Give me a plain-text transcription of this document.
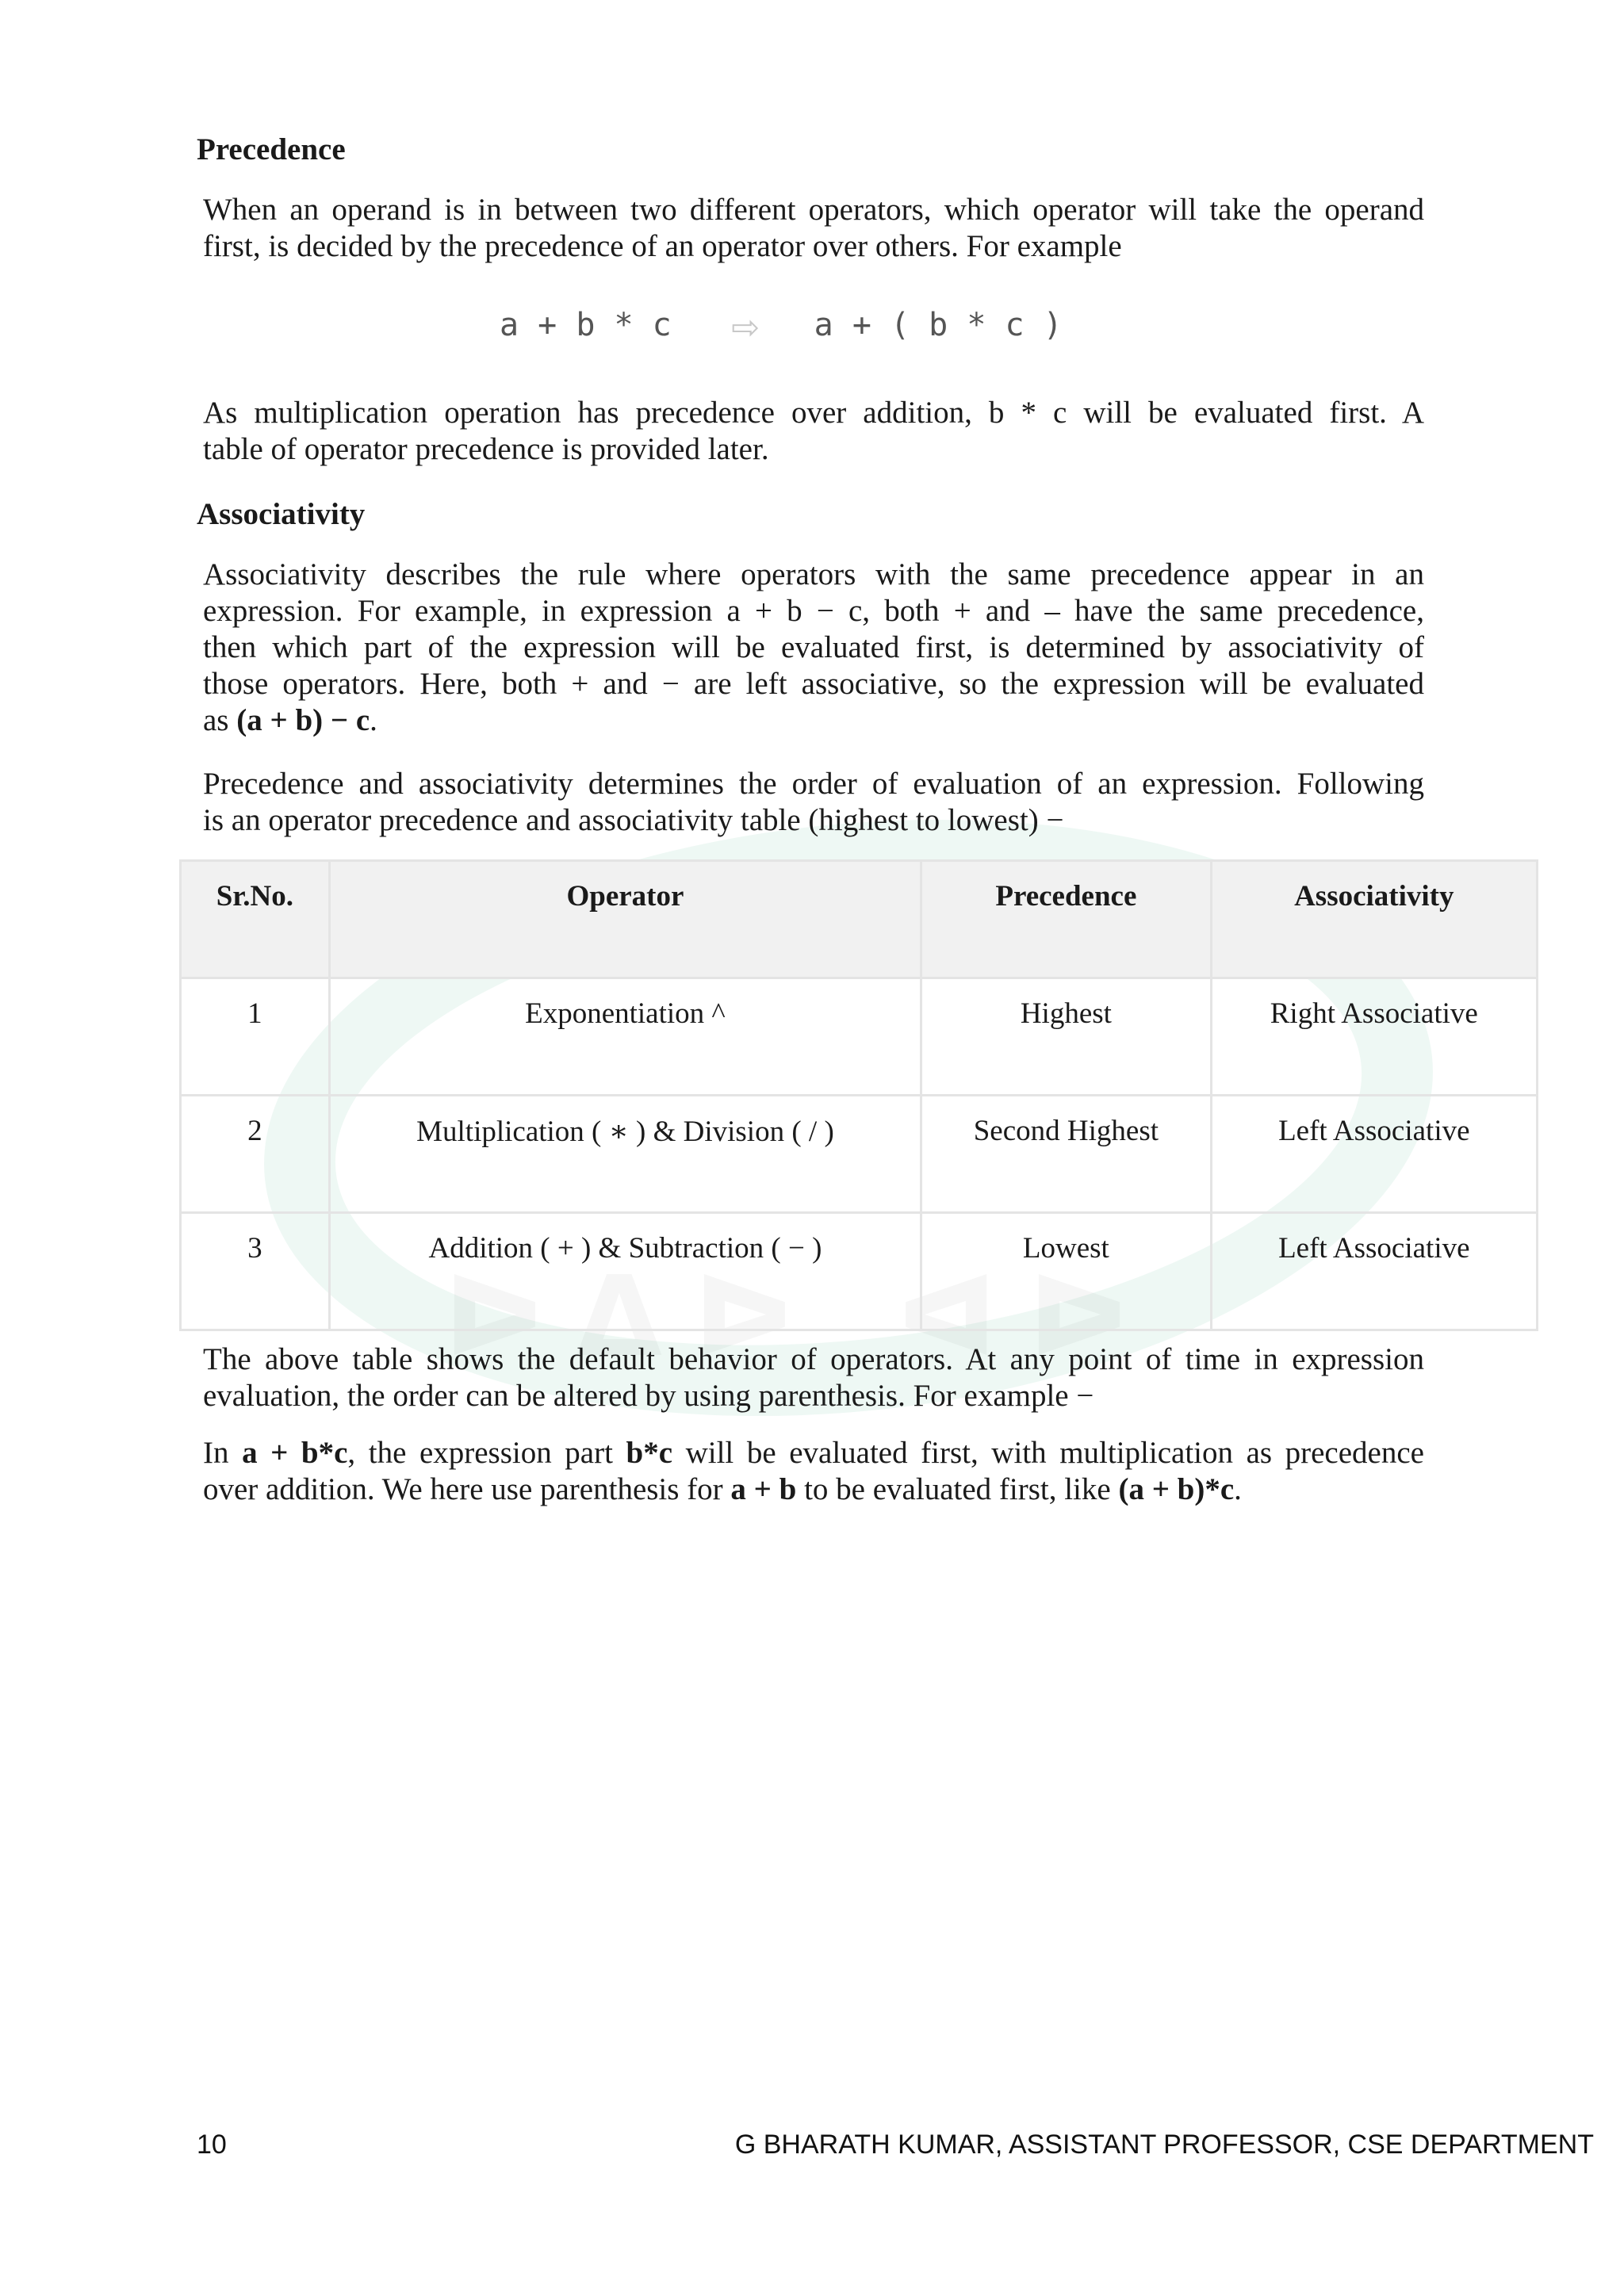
Precedence
When an operand is in between two different operators, which operator will take the operand
first, is decided by the precedence of an operator over others. For example
a + b * c ⇨ a + ( b * c )
As multiplication operation has precedence over addition, b * c will be evaluated first. A
table of operator precedence is provided later.
Associativity
Associativity describes the rule where operators with the same precedence appear in an
expression. For example, in expression a + b − c, both + and – have the same precedence,
then which part of the expression will be evaluated first, is determined by associativity of
those operators. Here, both + and − are left associative, so the expression will be evaluated
as (a + b) − c.
Precedence and associativity determines the order of evaluation of an expression. Following
is an operator precedence and associativity table (highest to lowest) −
Sr.No.	Operator	Precedence	Associativity
1	Exponentiation ^	Highest	Right Associative
2	Multiplication ( ∗ ) & Division ( / )	Second Highest	Left Associative
3	Addition ( + ) & Subtraction ( − )	Lowest	Left Associative
The above table shows the default behavior of operators. At any point of time in expression
evaluation, the order can be altered by using parenthesis. For example −
In a + b*c, the expression part b*c will be evaluated first, with multiplication as precedence
over addition. We here use parenthesis for a + b to be evaluated first, like (a + b)*c.
10	G BHARATH KUMAR, ASSISTANT PROFESSOR, CSE DEPARTMENT
